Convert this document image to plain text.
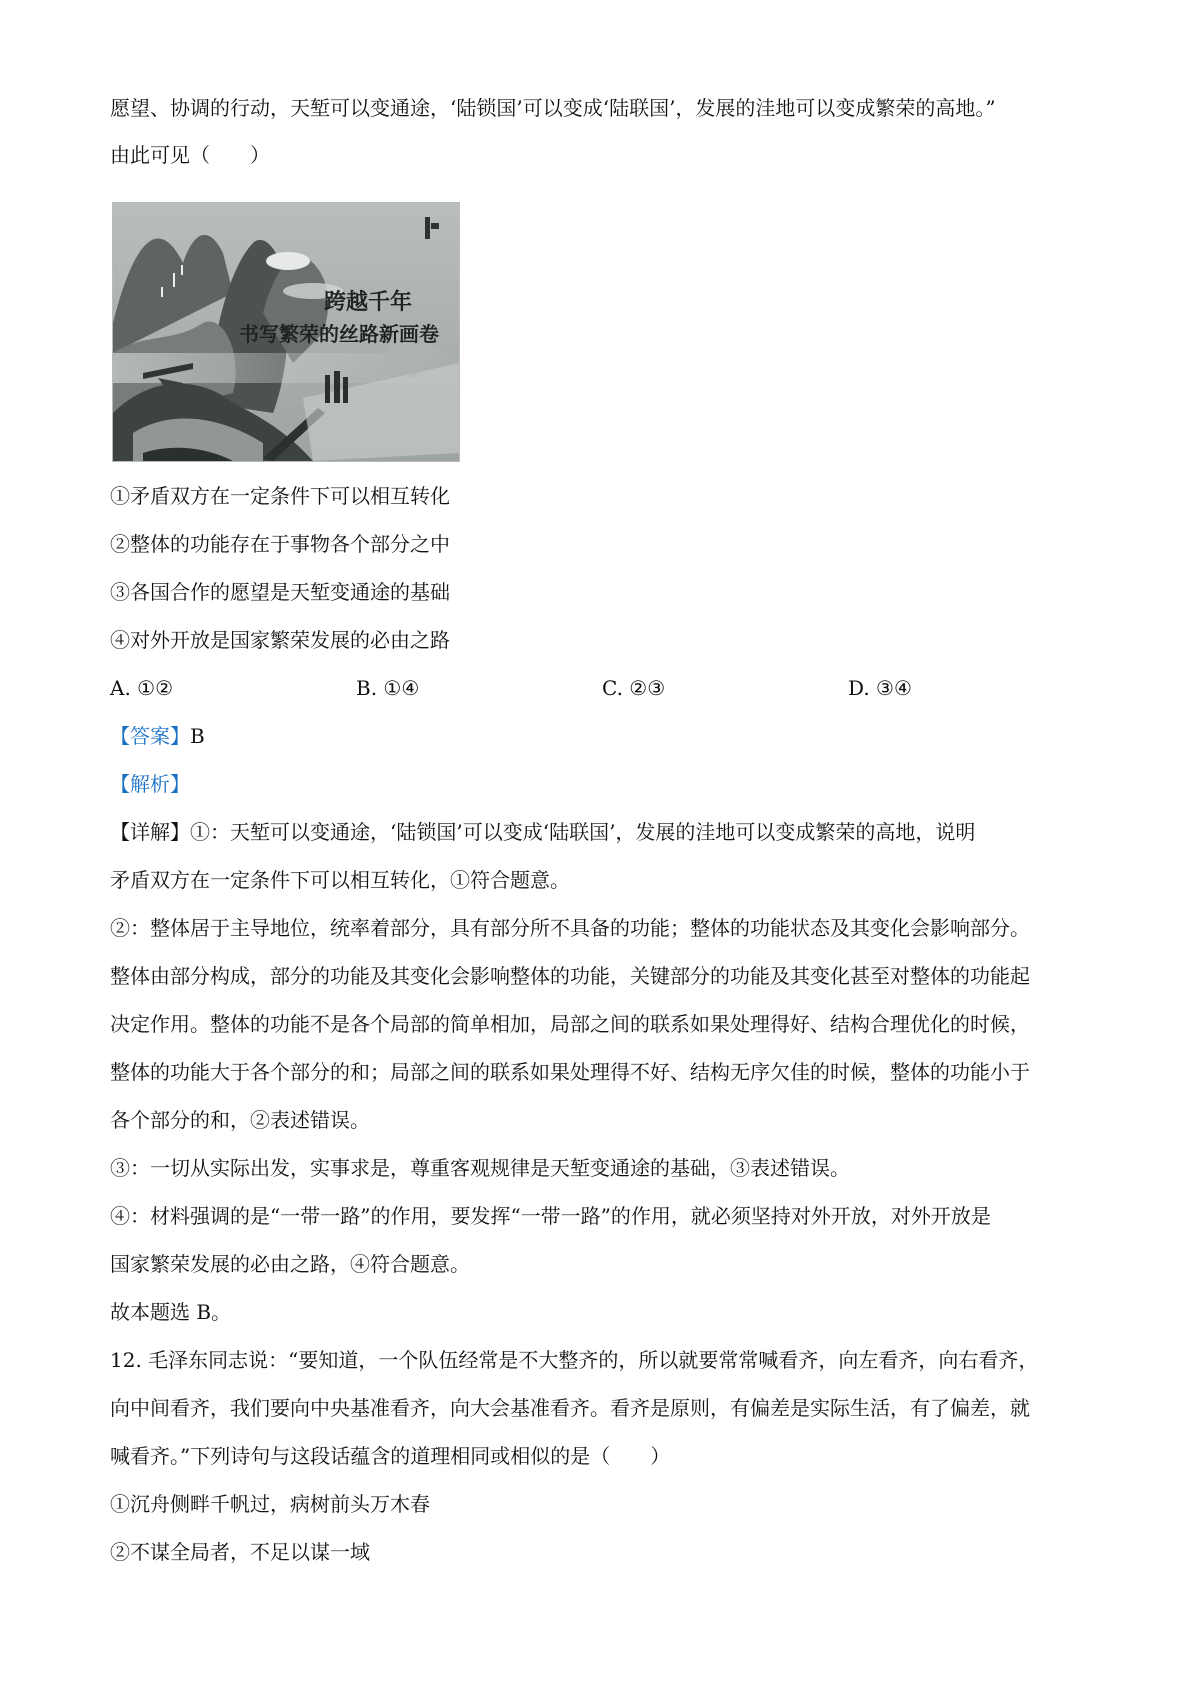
愿望、协调的行动，天堑可以变通途，‘陆锁国’可以变成‘陆联国’，发展的洼地可以变成繁荣的高地。”
由此可见（　　）
跨越千年
书写繁荣的丝路新画卷
①矛盾双方在一定条件下可以相互转化
②整体的功能存在于事物各个部分之中
③各国合作的愿望是天堑变通途的基础
④对外开放是国家繁荣发展的必由之路
A. ①②	B. ①④	C. ②③	D. ③④
【答案】B
【解析】
【详解】①：天堑可以变通途，‘陆锁国’可以变成‘陆联国’，发展的洼地可以变成繁荣的高地，说明
矛盾双方在一定条件下可以相互转化，①符合题意。
②：整体居于主导地位，统率着部分，具有部分所不具备的功能；整体的功能状态及其变化会影响部分。
整体由部分构成，部分的功能及其变化会影响整体的功能，关键部分的功能及其变化甚至对整体的功能起
决定作用。整体的功能不是各个局部的简单相加，局部之间的联系如果处理得好、结构合理优化的时候，
整体的功能大于各个部分的和；局部之间的联系如果处理得不好、结构无序欠佳的时候，整体的功能小于
各个部分的和，②表述错误。
③：一切从实际出发，实事求是，尊重客观规律是天堑变通途的基础，③表述错误。
④：材料强调的是“一带一路”的作用，要发挥“一带一路”的作用，就必须坚持对外开放，对外开放是
国家繁荣发展的必由之路，④符合题意。
故本题选 B。
12. 毛泽东同志说：“要知道，一个队伍经常是不大整齐的，所以就要常常喊看齐，向左看齐，向右看齐，
向中间看齐，我们要向中央基准看齐，向大会基准看齐。看齐是原则，有偏差是实际生活，有了偏差，就
喊看齐。”下列诗句与这段话蕴含的道理相同或相似的是（　　）
①沉舟侧畔千帆过，病树前头万木春
②不谋全局者，不足以谋一域
